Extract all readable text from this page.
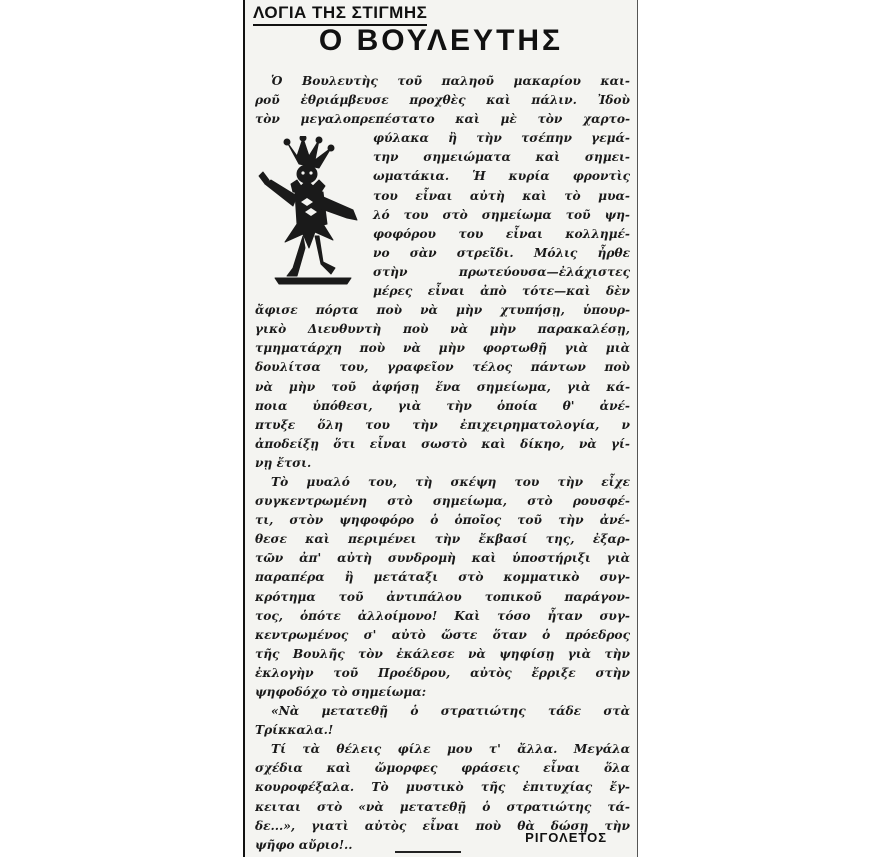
ΛΟΓΙΑ ΤΗΣ ΣΤΙΓΜΗΣ
Ο ΒΟΥΛΕΥΤΗΣ
Ὁ Βουλευτὴς τοῦ παληοῦ μακαρίου και-
ροῦ ἐθριάμβευσε προχθὲς καὶ πάλιν. Ἰδοὺ
τὸν μεγαλοπρεπέστατο καὶ μὲ τὸν χαρτο-
φύλακα ἢ τὴν τσέπην γεμά-
την σημειώματα καὶ σημει-
ωματάκια. Ἡ κυρία φροντὶς
του εἶναι αὐτὴ καὶ τὸ μυα-
λό του στὸ σημείωμα τοῦ ψη-
φοφόρου του εἶναι κολλημέ-
νο σὰν στρεῖδι. Μόλις ἦρθε
στὴν πρωτεύουσα—ἐλάχιστες
μέρες εἶναι ἀπὸ τότε—καὶ δὲν
ἄφισε πόρτα ποὺ νὰ μὴν χτυπήσῃ, ὑπουρ-
γικὸ Διευθυντὴ ποὺ νὰ μὴν παρακαλέσῃ,
τμηματάρχη ποὺ νὰ μὴν φορτωθῇ γιὰ μιὰ
δουλίτσα του, γραφεῖον τέλος πάντων ποὺ
νὰ μὴν τοῦ ἀφήσῃ ἕνα σημείωμα, γιὰ κά-
ποια ὑπόθεσι, γιὰ τὴν ὁποία θ' ἀνέ-
πτυξε ὅλη του τὴν ἐπιχειρηματολογία, ν
ἀποδείξῃ ὅτι εἶναι σωστὸ καὶ δίκηο, νὰ γί-
νῃ ἔτσι.
Τὸ μυαλό του, τὴ σκέψη του τὴν εἶχε
συγκεντρωμένη στὸ σημείωμα, στὸ ρουσφέ-
τι, στὸν ψηφοφόρο ὁ ὁποῖος τοῦ τὴν ἀνέ-
θεσε καὶ περιμένει τὴν ἔκβασί της, ἐξαρ-
τῶν ἀπ' αὐτὴ συνδρομὴ καὶ ὑποστήριξι γιὰ
παραπέρα ἢ μετάταξι στὸ κομματικὸ συγ-
κρότημα τοῦ ἀντιπάλου τοπικοῦ παράγον-
τος, ὁπότε ἀλλοίμονο! Καὶ τόσο ἦταν συγ-
κεντρωμένος σ' αὐτὸ ὥστε ὅταν ὁ πρόεδρος
τῆς Βουλῆς τὸν ἐκάλεσε νὰ ψηφίσῃ γιὰ τὴν
ἐκλογὴν τοῦ Προέδρου, αὐτὸς ἔρριξε στὴν
ψηφοδόχο τὸ σημείωμα:
«Νὰ μετατεθῇ ὁ στρατιώτης τάδε στὰ
Τρίκκαλα.!
Τί τὰ θέλεις φίλε μου τ' ἄλλα. Μεγάλα
σχέδια καὶ ὤμορφες φράσεις εἶναι ὅλα
κουροφέξαλα. Τὸ μυστικὸ τῆς ἐπιτυχίας ἔγ-
κειται στὸ «νὰ μετατεθῇ ὁ στρατιώτης τά-
δε...», γιατὶ αὐτὸς εἶναι ποὺ θὰ δώσῃ τὴν
ψῆφο αὔριο!..	ΡΙΓΟΛΕΤΟΣ
